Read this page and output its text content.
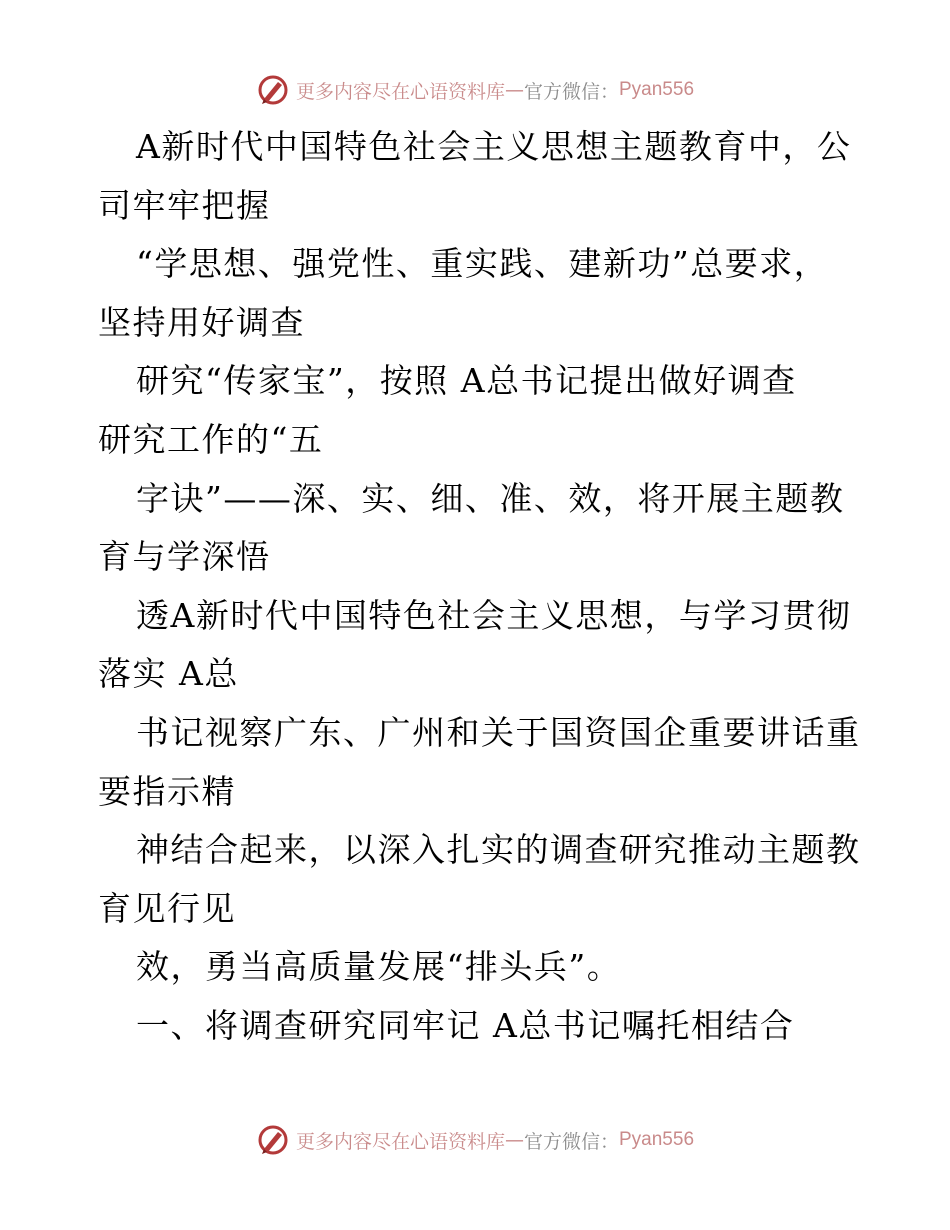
更多内容尽在心语资料库 — 官方微信： Pyan556
A新时代中国特色社会主义思想主题教育中，公
司牢牢把握
“学思想、强党性、重实践、建新功”总要求，
坚持用好调查
研究“传家宝”，按照 A总书记提出做好调查
研究工作的“五
字诀”——深、实、细、准、效，将开展主题教
育与学深悟
透A新时代中国特色社会主义思想，与学习贯彻
落实 A总
书记视察广东、广州和关于国资国企重要讲话重
要指示精
神结合起来，以深入扎实的调查研究推动主题教
育见行见
效，勇当高质量发展“排头兵”。
一、将调查研究同牢记 A总书记嘱托相结合
更多内容尽在心语资料库 — 官方微信： Pyan556
